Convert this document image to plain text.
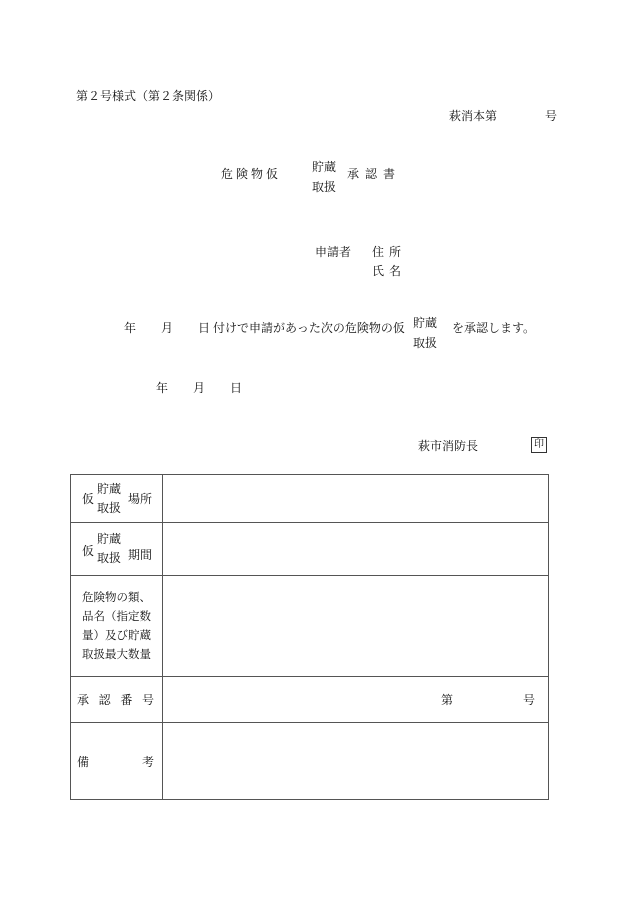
第２号様式（第２条関係）
萩消本第	号
危険物仮	貯蔵
取扱
承認書
申請者 住所
氏名
年 月 日 付けで申請があった次の危険物の仮 貯蔵
取扱
を承認します。
年 月 日
萩市消防長	印
仮
貯蔵
取扱
場所	

仮
貯蔵
取扱 期間	

危険物の類、
品名（指定数
量）及び貯蔵
取扱最大数量	

承 認 番 号	第 号

備 考	
